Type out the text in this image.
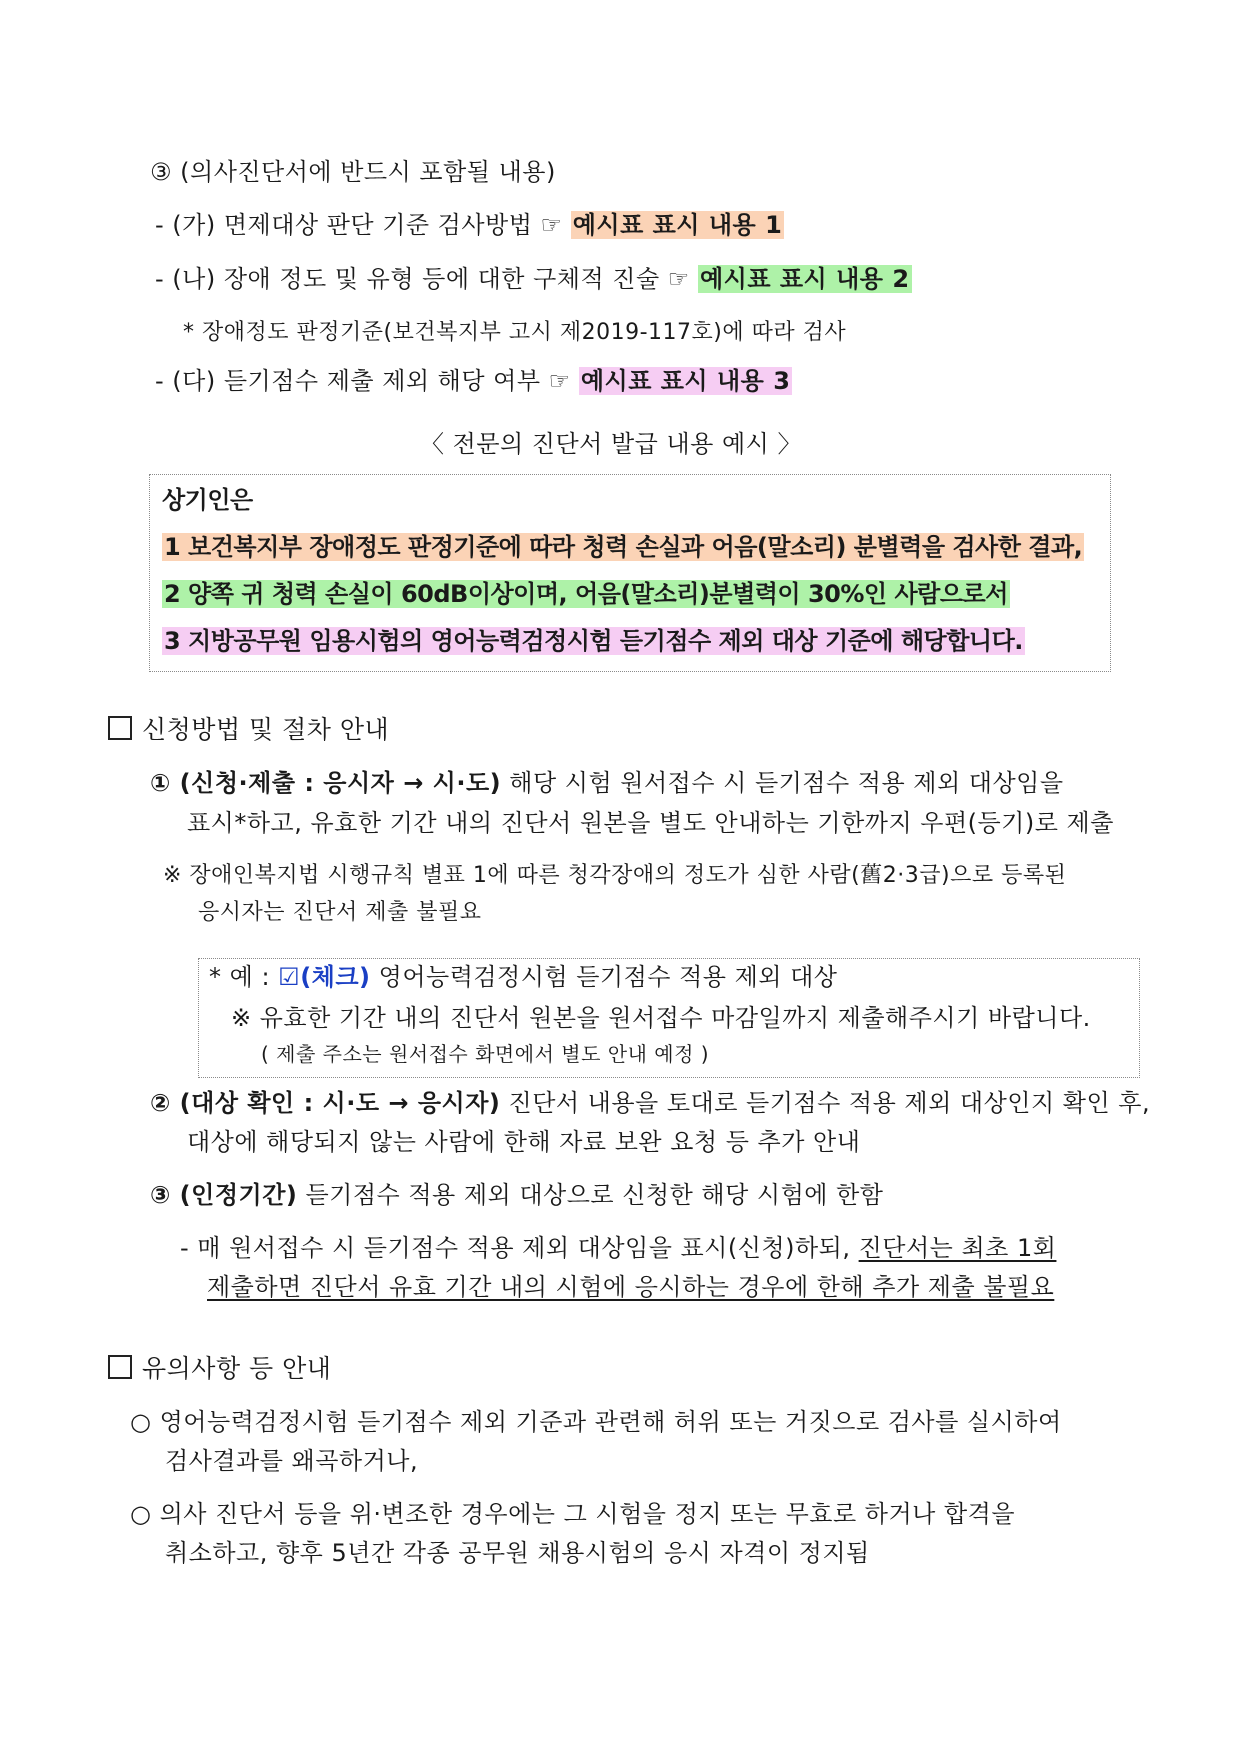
③ (의사진단서에 반드시 포함될 내용)
- (가) 면제대상 판단 기준 검사방법 ☞ 예시표 표시 내용 1
- (나) 장애 정도 및 유형 등에 대한 구체적 진술 ☞ 예시표 표시 내용 2
* 장애정도 판정기준(보건복지부 고시 제2019-117호)에 따라 검사
- (다) 듣기점수 제출 제외 해당 여부 ☞ 예시표 표시 내용 3
〈 전문의 진단서 발급 내용 예시 〉
상기인은
1 보건복지부 장애정도 판정기준에 따라 청력 손실과 어음(말소리) 분별력을 검사한 결과,
2 양쪽 귀 청력 손실이 60dB이상이며, 어음(말소리)분별력이 30%인 사람으로서
3 지방공무원 임용시험의 영어능력검정시험 듣기점수 제외 대상 기준에 해당합니다.
신청방법 및 절차 안내
① (신청·제출 : 응시자 → 시·도) 해당 시험 원서접수 시 듣기점수 적용 제외 대상임을
표시*하고, 유효한 기간 내의 진단서 원본을 별도 안내하는 기한까지 우편(등기)로 제출
※ 장애인복지법 시행규칙 별표 1에 따른 청각장애의 정도가 심한 사람(舊2·3급)으로 등록된
응시자는 진단서 제출 불필요
* 예 : ☑(체크) 영어능력검정시험 듣기점수 적용 제외 대상
※ 유효한 기간 내의 진단서 원본을 원서접수 마감일까지 제출해주시기 바랍니다.
( 제출 주소는 원서접수 화면에서 별도 안내 예정 )
② (대상 확인 : 시·도 → 응시자) 진단서 내용을 토대로 듣기점수 적용 제외 대상인지 확인 후,
대상에 해당되지 않는 사람에 한해 자료 보완 요청 등 추가 안내
③ (인정기간) 듣기점수 적용 제외 대상으로 신청한 해당 시험에 한함
- 매 원서접수 시 듣기점수 적용 제외 대상임을 표시(신청)하되, 진단서는 최초 1회
제출하면 진단서 유효 기간 내의 시험에 응시하는 경우에 한해 추가 제출 불필요
유의사항 등 안내
○ 영어능력검정시험 듣기점수 제외 기준과 관련해 허위 또는 거짓으로 검사를 실시하여
검사결과를 왜곡하거나,
○ 의사 진단서 등을 위·변조한 경우에는 그 시험을 정지 또는 무효로 하거나 합격을
취소하고, 향후 5년간 각종 공무원 채용시험의 응시 자격이 정지됨
